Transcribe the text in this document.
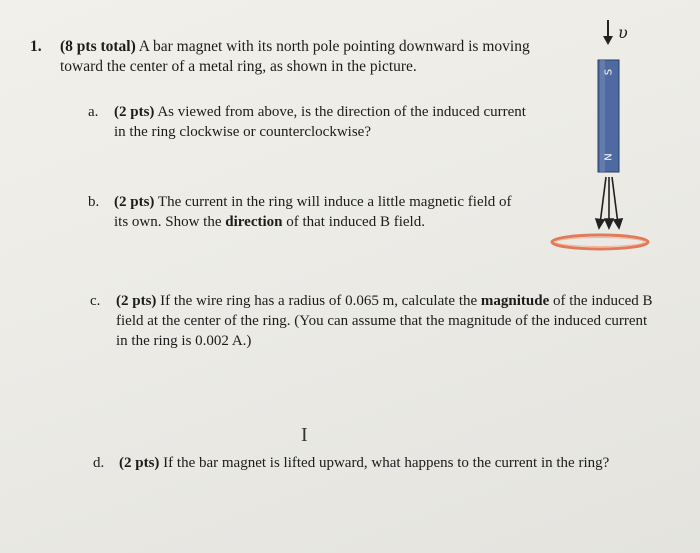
1. (8 pts total) A bar magnet with its north pole pointing downward is moving toward the center of a metal ring, as shown in the picture.
a. (2 pts) As viewed from above, is the direction of the induced current in the ring clockwise or counterclockwise?
b. (2 pts) The current in the ring will induce a little magnetic field of its own. Show the direction of that induced B field.
c. (2 pts) If the wire ring has a radius of 0.065 m, calculate the magnitude of the induced B field at the center of the ring. (You can assume that the magnitude of the induced current in the ring is 0.002 A.)
I
d. (2 pts) If the bar magnet is lifted upward, what happens to the current in the ring?
υ
S
N
